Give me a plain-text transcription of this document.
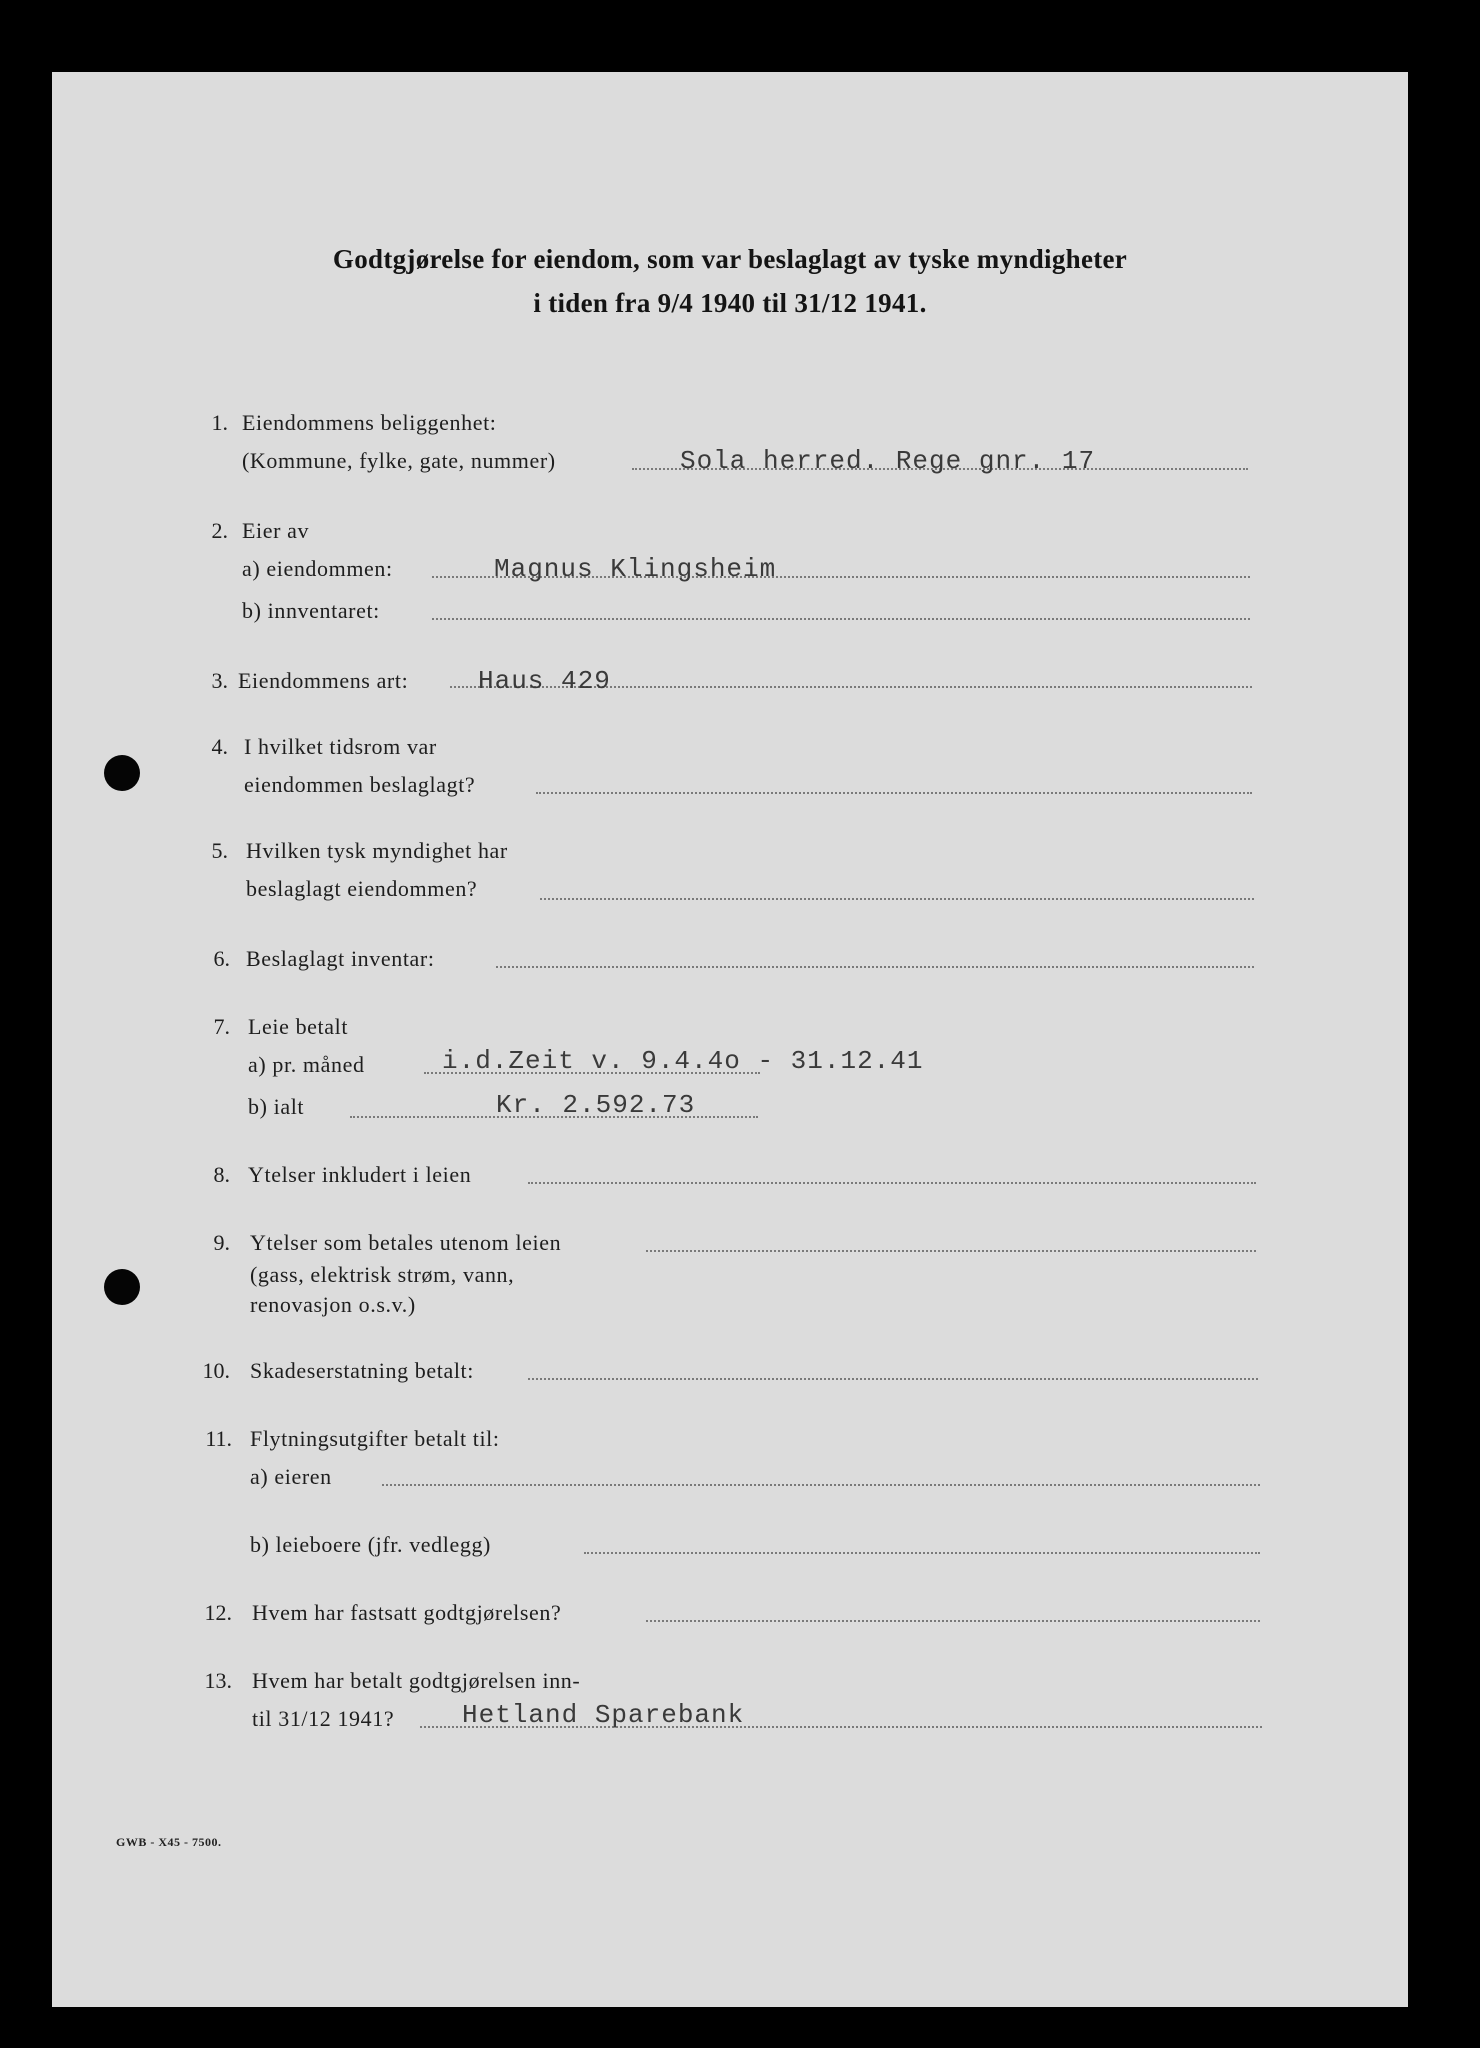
Godtgjørelse for eiendom, som var beslaglagt av tyske myndigheter
i tiden fra 9/4 1940 til 31/12 1941.
1. Eiendommens beliggenhet:
(Kommune, fylke, gate, nummer)	Sola herred. Rege gnr. 17
2. Eier av
a) eiendommen:	Magnus Klingsheim
b) innventaret:
3. Eiendommens art:	Haus 429
4. I hvilket tidsrom var
eiendommen beslaglagt?
5. Hvilken tysk myndighet har
beslaglagt eiendommen?
6. Beslaglagt inventar:
7. Leie betalt
a) pr. måned	i.d.Zeit v. 9.4.4o - 31.12.41
b) ialt	Kr. 2.592.73
8. Ytelser inkludert i leien
9. Ytelser som betales utenom leien
(gass, elektrisk strøm, vann,
renovasjon o.s.v.)
10. Skadeserstatning betalt:
11. Flytningsutgifter betalt til:
a) eieren
b) leieboere (jfr. vedlegg)
12. Hvem har fastsatt godtgjørelsen?
13. Hvem har betalt godtgjørelsen inn-
til 31/12 1941?	Hetland Sparebank
GWB - X45 - 7500.
